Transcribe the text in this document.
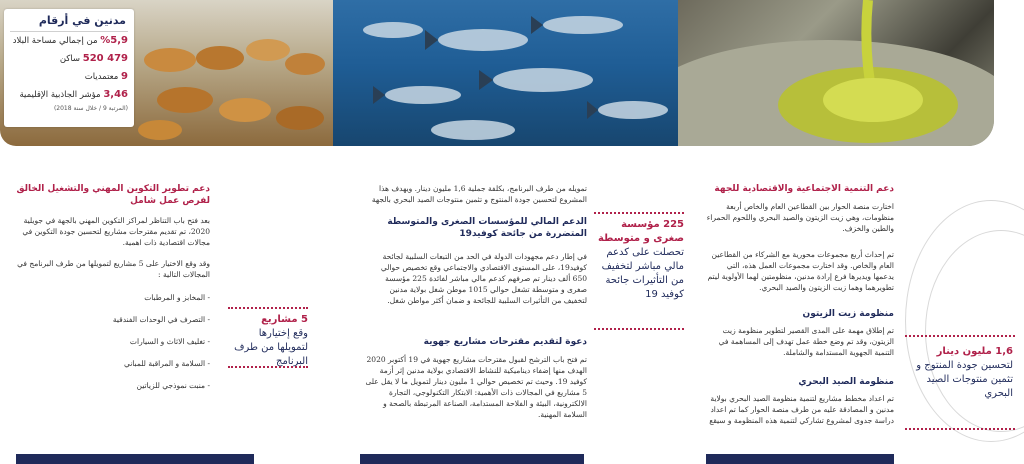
مدنين في أرقام
%5,9 من إجمالي مساحة البلاد
479 520 ساكن
9 معتمديات
3,46 مؤشر الجاذبية الإقليمية
(المرتبة 9 / خلال سنة 2018)
دعم التنمية الاجتماعية والاقتصادية للجهة
اختارت منصة الحوار بين القطاعين العام والخاص أربعة منظومات، وهي زيت الزيتون والصيد البحري واللحوم الحمراء والطين والخزف.
تم إحداث أربع مجموعات محورية مع الشركاء من القطاعين العام والخاص. وقد اختارت مجموعات العمل هذه، التي يدعمها ويديرها فرع إرادة مدنين، منظومتين لهما الأولوية ليتم تطويرهما وهما زيت الزيتون والصيد البحري.
منظومة زيت الزيتون
تم إطلاق مهمة على المدى القصير لتطوير منظومة زيت الزيتون، وقد تم وضع خطة عمل تهدف إلى المساهمة في التنمية الجهوية المستدامة والشاملة.
منظومة الصيد البحري
تم اعداد مخطط مشاريع لتنمية منظومة الصيد البحري بولاية مدنين و المصادقة عليه من طرف منصة الحوار كما تم اعداد دراسة جدوى لمشروع تشاركي لتنمية هذه المنظومة و سيقع
1,6 مليون دينار
لتحسين جودة المنتوج و تثمين منتوجات الصيد البحري
تمويله من طرف البرنامج، بكلفة جملية 1,6 مليون دينار. ويهدف هذا المشروع لتحسين جودة المنتوج و تثمين منتوجات الصيد البحري بالجهة
الدعم المالي للمؤسسات الصغرى والمتوسطة المتضررة من جائحة كوفيد19
في إطار دعم مجهودات الدولة في الحد من التبعات السلبية لجائحة كوفيد19، على المستوى الاقتصادي والاجتماعي وقع تخصيص حوالي 650 ألف دينار تم صرفهم كدعم مالي مباشر لفائدة 225 مؤسسة صغرى و متوسطة تشغل حوالي 1015 موطن شغل بولاية مدنين لتخفيف من التأثيرات السلبية للجائحة و ضمان أكثر مواطن شغل.
دعوة لتقديم مقترحات مشاريع جهوية
تم فتح باب الترشح لقبول مقترحات مشاريع جهوية في 19 أكتوبر 2020 الهدف منها إضفاء ديناميكية للنشاط الاقتصادي بولاية مدنين إثر أزمة كوفيد 19. وحيث تم تخصيص حوالي 1 مليون دينار لتمويل ما لا يقل على 5 مشاريع في المجالات ذات الأهمية: الابتكار التكنولوجي، التجارة الالكترونية، البيئة و الفلاحة المستدامة، الصناعة المرتبطة بالصحة و السلامة المهنية.
225 مؤسسة صغرى و متوسطة
تحصلت على كدعم مالي مباشر لتخفيف من التأثيرات جائحة كوفيد 19
دعم تطوير التكوين المهني والتشغيل الخالق لفرص عمل شامل
بعد فتح باب التناظر لمراكز التكوين المهني بالجهة في جويلية 2020، تم تقديم مقترحات مشاريع لتحسين جودة التكوين في مجالات اقتصادية ذات اهمية.
وقد وقع الاختيار على 5 مشاريع لتمويلها من طرف البرنامج في المجالات التالية :
- المخابز و المرطبات
- التصرف في الوحدات الفندقية
- تغليف الاثاث و السيارات
- السلامة و المراقبة للمباني
- منبت نموذجي للزياتين
5 مشاريع
وقع إختيارها لتمويلها من طرف البرنامج
